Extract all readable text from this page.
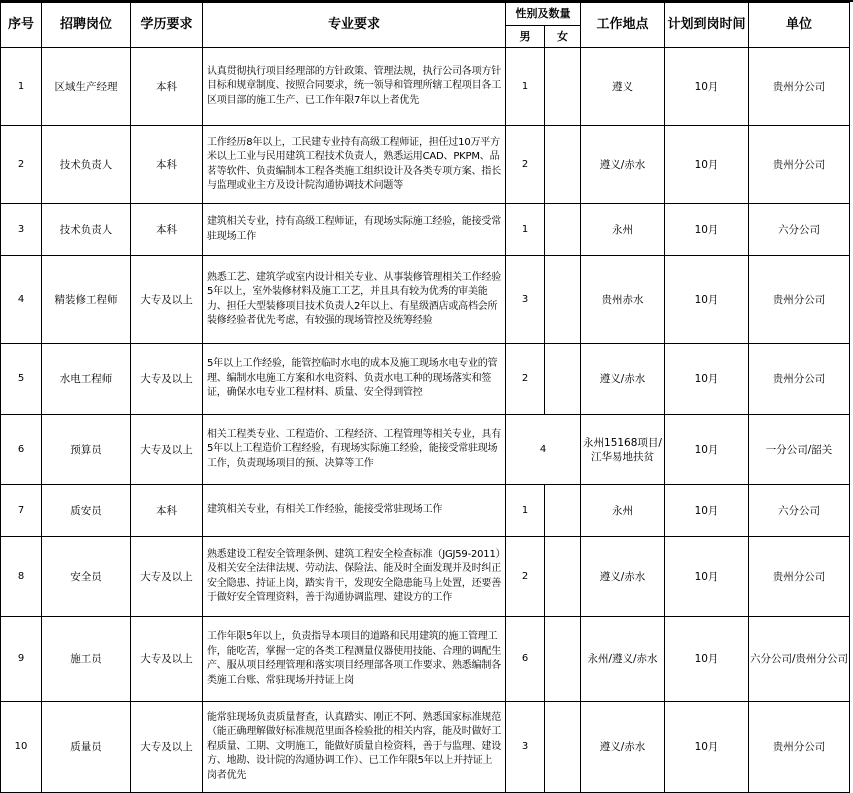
序号	招聘岗位	学历要求	专业要求	性别及数量		工作地点	计划到岗时间	单位
				男	女			
1	区域生产经理	本科	认真贯彻执行项目经理部的方针政策、管理法规，执行公司各项方针目标和规章制度、按照合同要求，统一领导和管理所辖工程项目各工区项目部的施工生产、已工作年限7年以上者优先	1		遵义	10月	贵州分公司
2	技术负责人	本科	工作经历8年以上，工民建专业持有高级工程师证，担任过10万平方米以上工业与民用建筑工程技术负责人，熟悉运用CAD、PKPM、品茗等软件、负责编制本工程各类施工组织设计及各类专项方案、指长与监理或业主方及设计院沟通协调技术问题等	2		遵义/赤水	10月	贵州分公司
3	技术负责人	本科	建筑相关专业，持有高级工程师证，有现场实际施工经验，能接受常驻现场工作	1		永州	10月	六分公司
4	精装修工程师	大专及以上	熟悉工艺、建筑学或室内设计相关专业、从事装修管理相关工作经验5年以上，室外装修材料及施工工艺，并且具有较为优秀的审美能力、担任大型装修项目技术负责人2年以上、有星级酒店或高档会所装修经验者优先考虑，有较强的现场管控及统筹经验	3		贵州赤水	10月	贵州分公司
5	水电工程师	大专及以上	5年以上工作经验，能管控临时水电的成本及施工现场水电专业的管理、编制水电施工方案和水电资料、负责水电工种的现场落实和签证，确保水电专业工程材料、质量、安全得到管控	2		遵义/赤水	10月	贵州分公司
6	预算员	大专及以上	相关工程类专业、工程造价、工程经济、工程管理等相关专业，具有5年以上工程造价工程经验，有现场实际施工经验，能接受常驻现场工作，负责现场项目的预、决算等工作	4		永州15168项目/江华易地扶贫	10月	一分公司/韶关
7	质安员	本科	建筑相关专业，有相关工作经验，能接受常驻现场工作	1		永州	10月	六分公司
8	安全员	大专及以上	熟悉建设工程安全管理条例、建筑工程安全检查标准（JGJ59-2011）及相关安全法律法规、劳动法、保险法、能及时全面发现并及时纠正安全隐患、持证上岗，踏实肯干，发现安全隐患能马上处置，还要善于做好安全管理资料，善于沟通协调监理、建设方的工作	2		遵义/赤水	10月	贵州分公司
9	施工员	大专及以上	工作年限5年以上，负责指导本项目的道路和民用建筑的施工管理工作，能吃苦，掌握一定的各类工程测量仪器使用技能、合理的调配生产、服从项目经理管理和落实项目经理部各项工作要求、熟悉编制各类施工台账、常驻现场并持证上岗	6		永州/遵义/赤水	10月	六分公司/贵州分公司
10	质量员	大专及以上	能常驻现场负责质量督查，认真踏实、刚正不阿、熟悉国家标准规范（能正确理解做好标准规范里面各检验批的相关内容，能及时做好工程质量、工期、文明施工，能做好质量自检资料，善于与监理、建设方、地勘、设计院的沟通协调工作）、已工作年限5年以上并持证上岗者优先	3		遵义/赤水	10月	贵州分公司
